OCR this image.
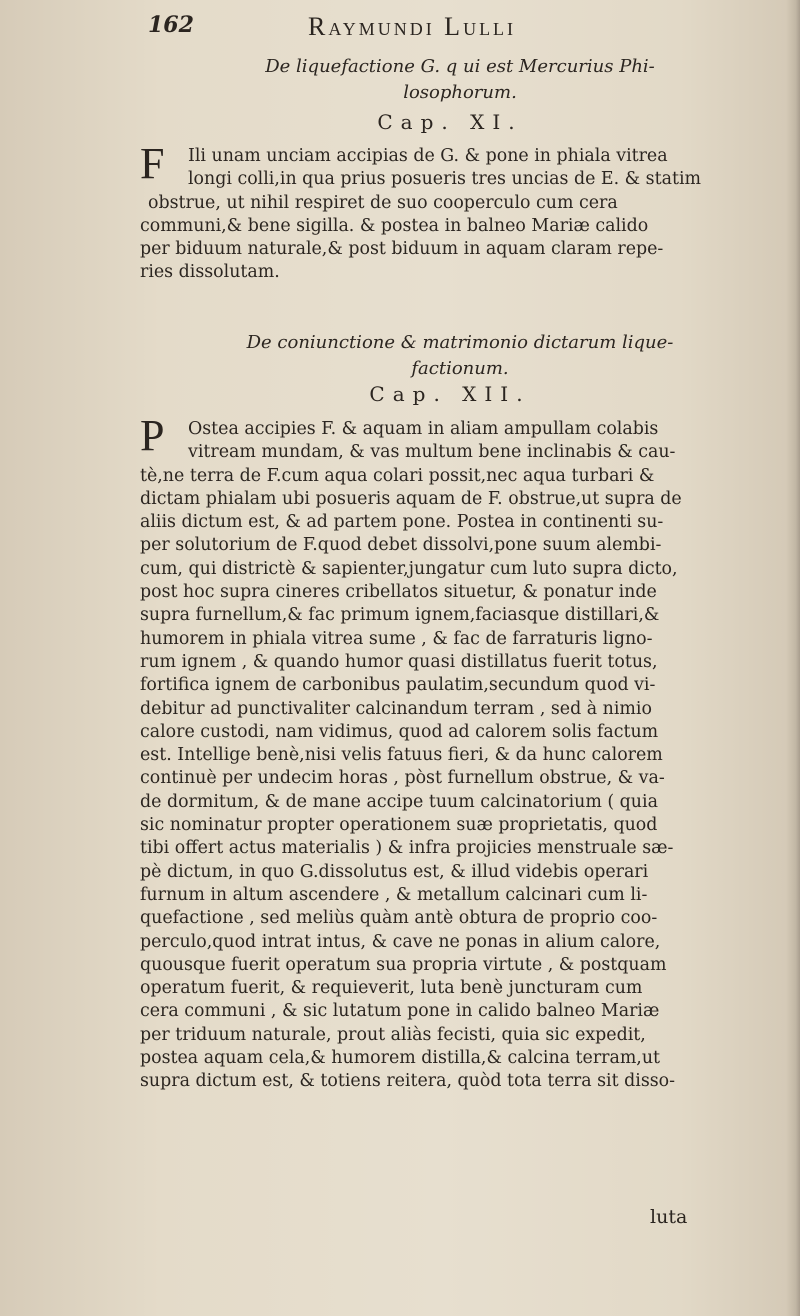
162	Raymundi Lulli
De liquefactione G. q ui est Mercurius Phi-
losophorum.
Cap. XI.
F	Ili unam unciam accipias de G. & pone in phiala vitrea
longi colli,in qua prius posueris tres uncias de E. & statim
obstrue, ut nihil respiret de suo cooperculo cum cera
communi,& bene sigilla. & postea in balneo Mariæ calido
per biduum naturale,& post biduum in aquam claram repe-
ries dissolutam.
De coniunctione & matrimonio dictarum lique-
factionum.
Cap. XII.
P	Ostea accipies F. & aquam in aliam ampullam colabis
vitream mundam, & vas multum bene inclinabis & cau-
tè,ne terra de F.cum aqua colari possit,nec aqua turbari &
dictam phialam ubi posueris aquam de F. obstrue,ut supra de
aliis dictum est, & ad partem pone. Postea in continenti su-
per solutorium de F.quod debet dissolvi,pone suum alembi-
cum, qui districtè & sapienter,jungatur cum luto supra dicto,
post hoc supra cineres cribellatos situetur, & ponatur inde
supra furnellum,& fac primum ignem,faciasque distillari,&
humorem in phiala vitrea sume , & fac de farraturis ligno-
rum ignem , & quando humor quasi distillatus fuerit totus,
fortifica ignem de carbonibus paulatim,secundum quod vi-
debitur ad punctivaliter calcinandum terram , sed à nimio
calore custodi, nam vidimus, quod ad calorem solis factum
est. Intellige benè,nisi velis fatuus fieri, & da hunc calorem
continuè per undecim horas , pòst furnellum obstrue, & va-
de dormitum, & de mane accipe tuum calcinatorium ( quia
sic nominatur propter operationem suæ proprietatis, quod
tibi offert actus materialis ) & infra projicies menstruale sæ-
pè dictum, in quo G.dissolutus est, & illud videbis operari
furnum in altum ascendere , & metallum calcinari cum li-
quefactione , sed meliùs quàm antè obtura de proprio coo-
perculo,quod intrat intus, & cave ne ponas in alium calore,
quousque fuerit operatum sua propria virtute , & postquam
operatum fuerit, & requieverit, luta benè juncturam cum
cera communi , & sic lutatum pone in calido balneo Mariæ
per triduum naturale, prout aliàs fecisti, quia sic expedit,
postea aquam cela,& humorem distilla,& calcina terram,ut
supra dictum est, & totiens reitera, quòd tota terra sit disso-
luta
